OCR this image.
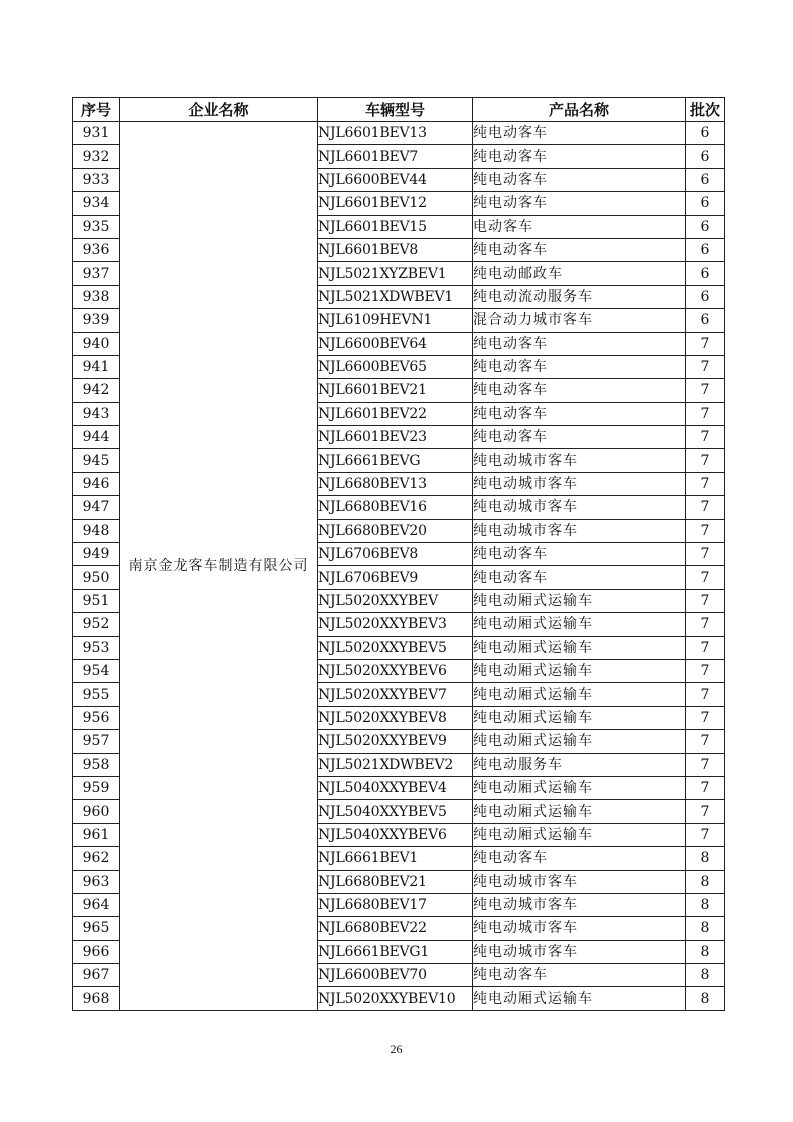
序号	企业名称	车辆型号	产品名称	批次
931	南京金龙客车制造有限公司	NJL6601BEV13	纯电动客车	6
932		NJL6601BEV7	纯电动客车	6
933		NJL6600BEV44	纯电动客车	6
934		NJL6601BEV12	纯电动客车	6
935		NJL6601BEV15	电动客车	6
936		NJL6601BEV8	纯电动客车	6
937		NJL5021XYZBEV1	纯电动邮政车	6
938		NJL5021XDWBEV1	纯电动流动服务车	6
939		NJL6109HEVN1	混合动力城市客车	6
940		NJL6600BEV64	纯电动客车	7
941		NJL6600BEV65	纯电动客车	7
942		NJL6601BEV21	纯电动客车	7
943		NJL6601BEV22	纯电动客车	7
944		NJL6601BEV23	纯电动客车	7
945		NJL6661BEVG	纯电动城市客车	7
946		NJL6680BEV13	纯电动城市客车	7
947		NJL6680BEV16	纯电动城市客车	7
948		NJL6680BEV20	纯电动城市客车	7
949		NJL6706BEV8	纯电动客车	7
950		NJL6706BEV9	纯电动客车	7
951		NJL5020XXYBEV	纯电动厢式运输车	7
952		NJL5020XXYBEV3	纯电动厢式运输车	7
953		NJL5020XXYBEV5	纯电动厢式运输车	7
954		NJL5020XXYBEV6	纯电动厢式运输车	7
955		NJL5020XXYBEV7	纯电动厢式运输车	7
956		NJL5020XXYBEV8	纯电动厢式运输车	7
957		NJL5020XXYBEV9	纯电动厢式运输车	7
958		NJL5021XDWBEV2	纯电动服务车	7
959		NJL5040XXYBEV4	纯电动厢式运输车	7
960		NJL5040XXYBEV5	纯电动厢式运输车	7
961		NJL5040XXYBEV6	纯电动厢式运输车	7
962		NJL6661BEV1	纯电动客车	8
963		NJL6680BEV21	纯电动城市客车	8
964		NJL6680BEV17	纯电动城市客车	8
965		NJL6680BEV22	纯电动城市客车	8
966		NJL6661BEVG1	纯电动城市客车	8
967		NJL6600BEV70	纯电动客车	8
968		NJL5020XXYBEV10	纯电动厢式运输车	8
26
